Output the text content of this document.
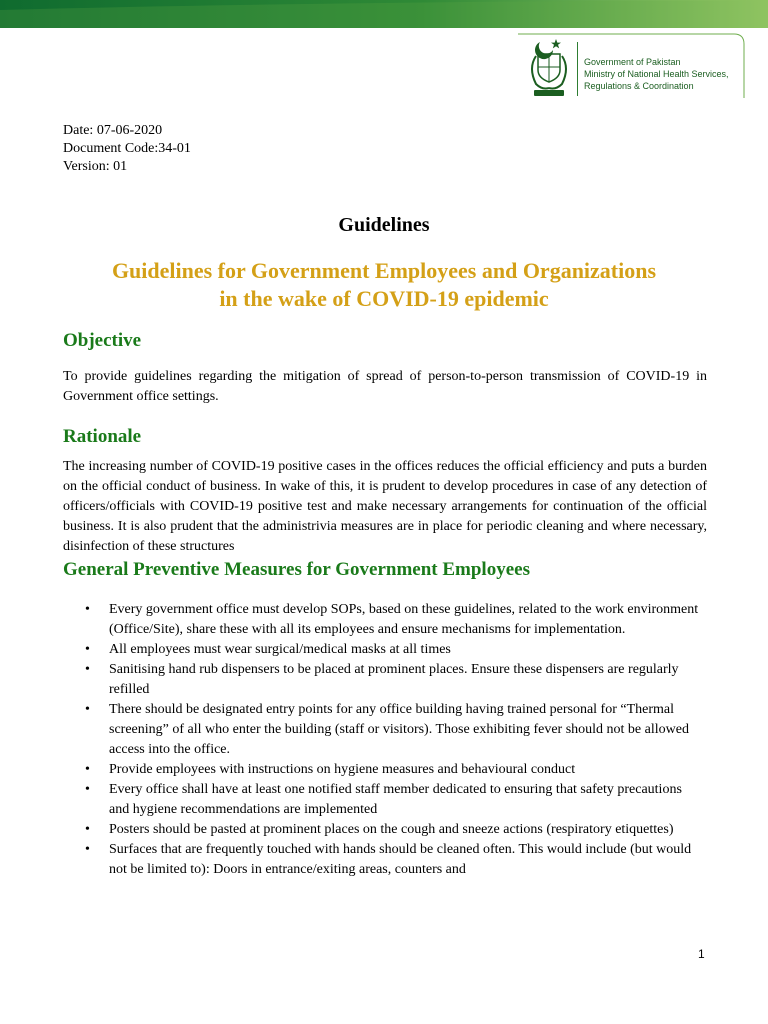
Government of Pakistan
Ministry of National Health Services,
Regulations & Coordination
Date: 07-06-2020
Document Code:34-01
Version: 01
Guidelines
Guidelines for Government Employees and Organizations
in the wake of COVID-19 epidemic
Objective
To provide guidelines regarding the mitigation of spread of person-to-person transmission of COVID-19 in Government office settings.
Rationale
The increasing number of COVID-19 positive cases in the offices reduces the official efficiency and puts a burden on the official conduct of business. In wake of this, it is prudent to develop procedures in case of any detection of officers/officials with COVID-19 positive test and make necessary arrangements for continuation of the official business. It is also prudent that the administrivia measures are in place for periodic cleaning and where necessary, disinfection of these structures
General Preventive Measures for Government Employees
• Every government office must develop SOPs, based on these guidelines, related to the work environment (Office/Site), share these with all its employees and ensure mechanisms for implementation.
• All employees must wear surgical/medical masks at all times
• Sanitising hand rub dispensers to be placed at prominent places. Ensure these dispensers are regularly refilled
• There should be designated entry points for any office building having trained personal for “Thermal screening” of all who enter the building (staff or visitors). Those exhibiting fever should not be allowed access into the office.
• Provide employees with instructions on hygiene measures and behavioural conduct
• Every office shall have at least one notified staff member dedicated to ensuring that safety precautions and hygiene recommendations are implemented
• Posters should be pasted at prominent places on the cough and sneeze actions (respiratory etiquettes)
• Surfaces that are frequently touched with hands should be cleaned often. This would include (but would not be limited to): Doors in entrance/exiting areas, counters and
1
